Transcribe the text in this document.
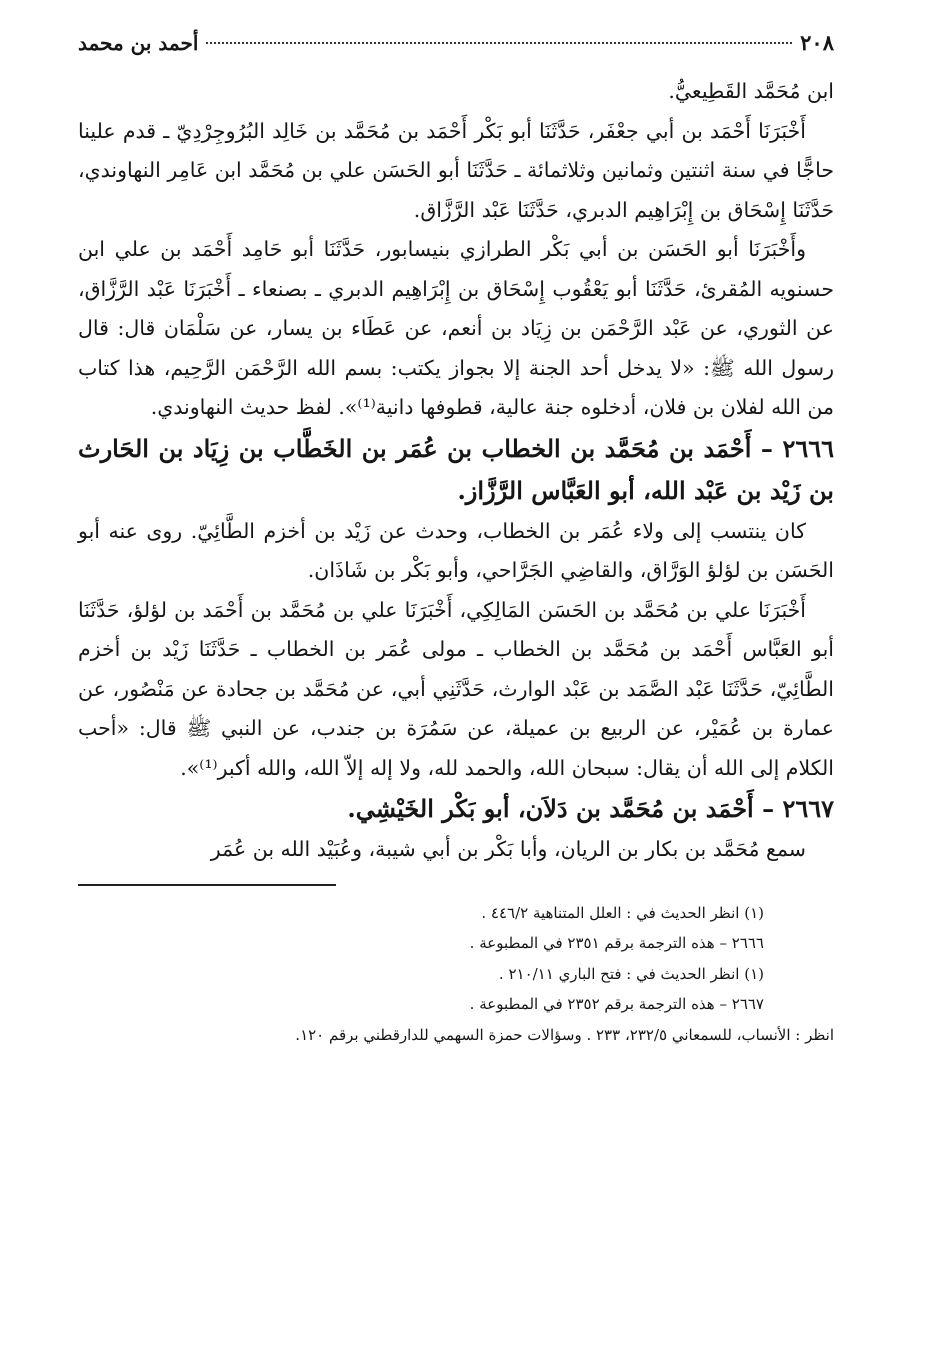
٢٠٨
أحمد بن محمد

ابن مُحَمَّد القَطِيعيُّ.

أَخْبَرَنَا أَحْمَد بن أبي جعْفَر، حَدَّثَنَا أبو بَكْر أَحْمَد بن مُحَمَّد بن خَالِد البُرُوجِرْدِيّ ـ قدم علينا حاجًّا في سنة اثنتين وثمانين وثلاثمائة ـ حَدَّثَنَا أبو الحَسَن علي بن مُحَمَّد ابن عَامِر النهاوندي، حَدَّثَنَا إِسْحَاق بن إِبْرَاهِيم الدبري، حَدَّثَنَا عَبْد الرَّزَّاق.

وأَخْبَرَنَا أبو الحَسَن بن أبي بَكْر الطرازي بنيسابور، حَدَّثَنَا أبو حَامِد أَحْمَد بن علي ابن حسنويه المُقرئ، حَدَّثَنَا أبو يَعْقُوب إِسْحَاق بن إِبْرَاهِيم الدبري ـ بصنعاء ـ أَخْبَرَنَا عَبْد الرَّزَّاق، عن الثوري، عن عَبْد الرَّحْمَن بن زِيَاد بن أنعم، عن عَطَاء بن يسار، عن سَلْمَان قال: قال رسول الله ﷺ: «لا يدخل أحد الجنة إلا بجواز يكتب: بسم الله الرَّحْمَن الرَّحِيم، هذا كتاب من الله لفلان بن فلان، أدخلوه جنة عالية، قطوفها دانية⁽¹⁾». لفظ حديث النهاوندي.

٢٦٦٦ – أَحْمَد بن مُحَمَّد بن الخطاب بن عُمَر بن الخَطَّاب بن زِيَاد بن الحَارث بن زَيْد بن عَبْد الله، أبو العَبَّاس الرَّزَّاز.

كان ينتسب إلى ولاء عُمَر بن الخطاب، وحدث عن زَيْد بن أخزم الطَّائِيّ. روى عنه أبو الحَسَن بن لؤلؤ الوَرَّاق، والقاضِي الجَرَّاحي، وأبو بَكْر بن شَاذَان.

أَخْبَرَنَا علي بن مُحَمَّد بن الحَسَن المَالِكِي، أَخْبَرَنَا علي بن مُحَمَّد بن أَحْمَد بن لؤلؤ، حَدَّثَنَا أبو العَبَّاس أَحْمَد بن مُحَمَّد بن الخطاب ـ مولى عُمَر بن الخطاب ـ حَدَّثَنَا زَيْد بن أخزم الطَّائِيّ، حَدَّثَنَا عَبْد الصَّمَد بن عَبْد الوارث، حَدَّثَنِي أبي، عن مُحَمَّد بن جحادة عن مَنْصُور، عن عمارة بن عُمَيْر، عن الربيع بن عميلة، عن سَمُرَة بن جندب، عن النبي ﷺ قال: «أحب الكلام إلى الله أن يقال: سبحان الله، والحمد لله، ولا إله إلاّ الله، والله أكبر⁽¹⁾».

٢٦٦٧ – أَحْمَد بن مُحَمَّد بن دَلاَن، أبو بَكْر الخَيْشِي.

سمع مُحَمَّد بن بكار بن الريان، وأبا بَكْر بن أبي شيبة، وعُبَيْد الله بن عُمَر

(١) انظر الحديث في : العلل المتناهية ٤٤٦/٢ .

٢٦٦٦ – هذه الترجمة برقم ٢٣٥١ في المطبوعة .

(١) انظر الحديث في : فتح الباري ٢١٠/١١ .

٢٦٦٧ – هذه الترجمة برقم ٢٣٥٢ في المطبوعة .

انظر : الأنساب، للسمعاني ٢٣٢/٥، ٢٣٣ . وسؤالات حمزة السهمي للدارقطني برقم ١٢٠.
